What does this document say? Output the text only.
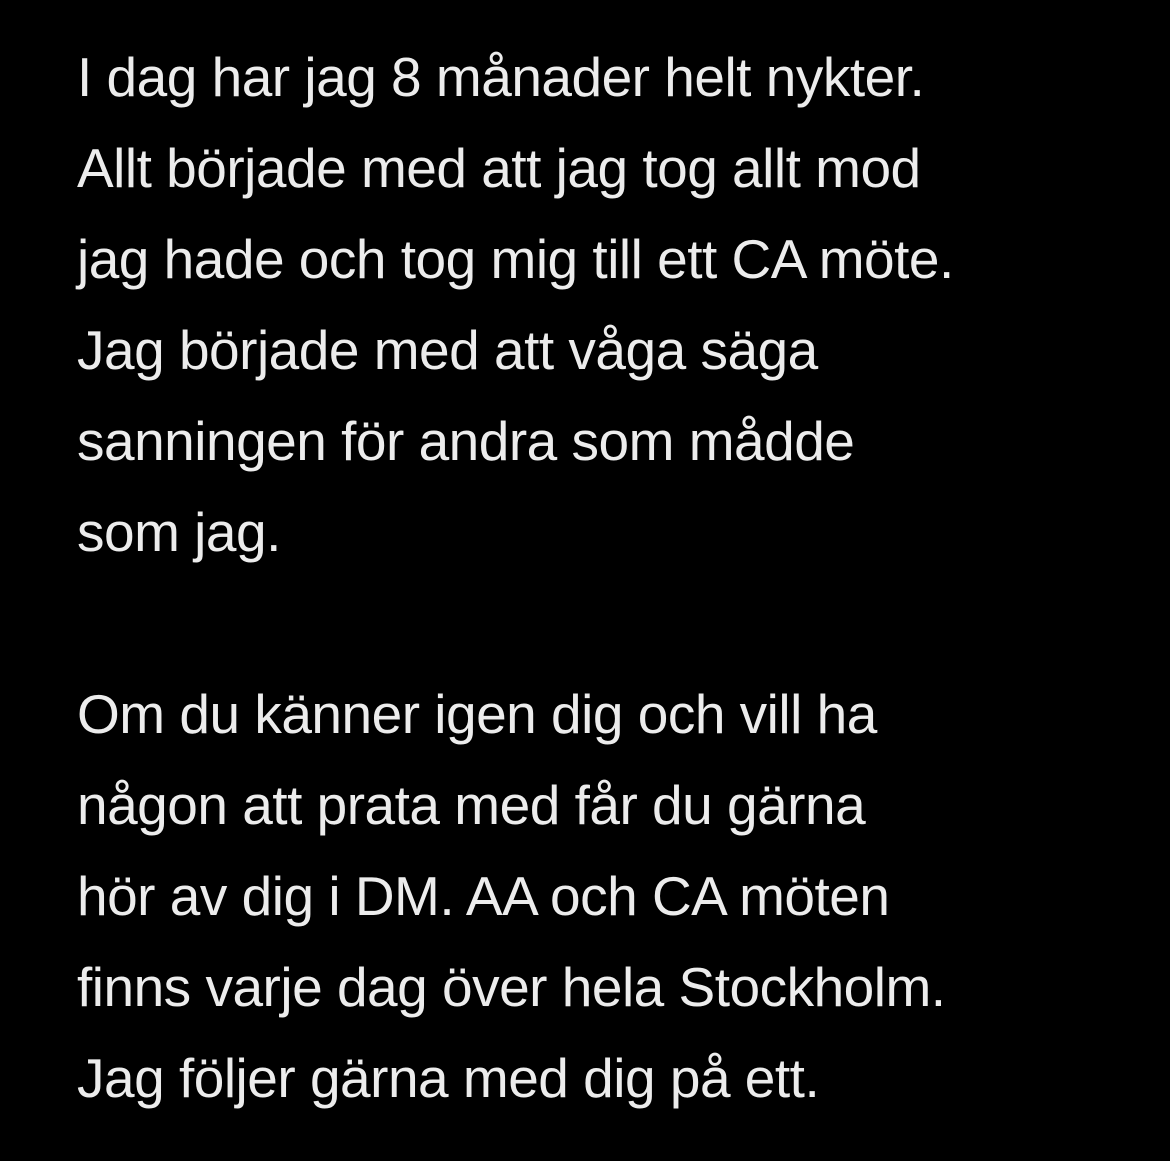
I dag har jag 8 månader helt nykter.
Allt började med att jag tog allt mod
jag hade och tog mig till ett CA möte.
Jag började med att våga säga
sanningen för andra som mådde
som jag.
Om du känner igen dig och vill ha
någon att prata med får du gärna
hör av dig i DM. AA och CA möten
finns varje dag över hela Stockholm.
Jag följer gärna med dig på ett.
